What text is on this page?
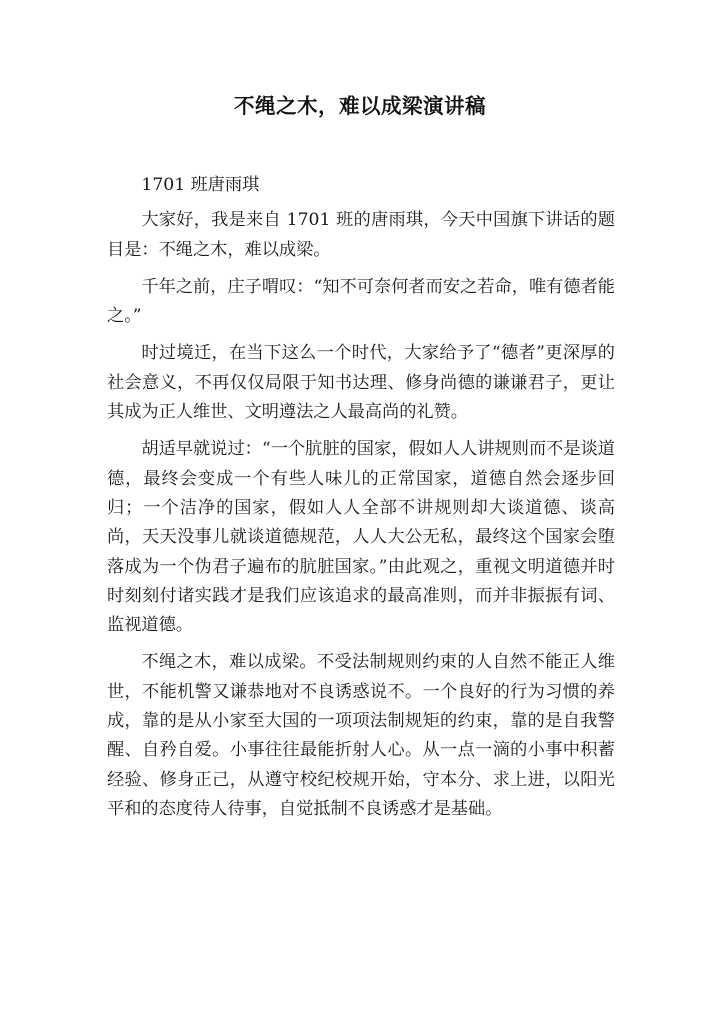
不绳之木，难以成梁演讲稿

1701 班唐雨琪

大家好，我是来自 1701 班的唐雨琪，今天中国旗下讲话的题目是：不绳之木，难以成梁。

千年之前，庄子喟叹：“知不可奈何者而安之若命，唯有德者能之。”

时过境迁，在当下这么一个时代，大家给予了“德者”更深厚的社会意义，不再仅仅局限于知书达理、修身尚德的谦谦君子，更让其成为正人维世、文明遵法之人最高尚的礼赞。

胡适早就说过：“一个肮脏的国家，假如人人讲规则而不是谈道德，最终会变成一个有些人味儿的正常国家，道德自然会逐步回归；一个洁净的国家，假如人人全部不讲规则却大谈道德、谈高尚，天天没事儿就谈道德规范，人人大公无私，最终这个国家会堕落成为一个伪君子遍布的肮脏国家。”由此观之，重视文明道德并时时刻刻付诸实践才是我们应该追求的最高准则，而并非振振有词、监视道德。

不绳之木，难以成梁。不受法制规则约束的人自然不能正人维世，不能机警又谦恭地对不良诱惑说不。一个良好的行为习惯的养成，靠的是从小家至大国的一项项法制规矩的约束，靠的是自我警醒、自矜自爱。小事往往最能折射人心。从一点一滴的小事中积蓄经验、修身正己，从遵守校纪校规开始，守本分、求上进，以阳光平和的态度待人待事，自觉抵制不良诱惑才是基础。
